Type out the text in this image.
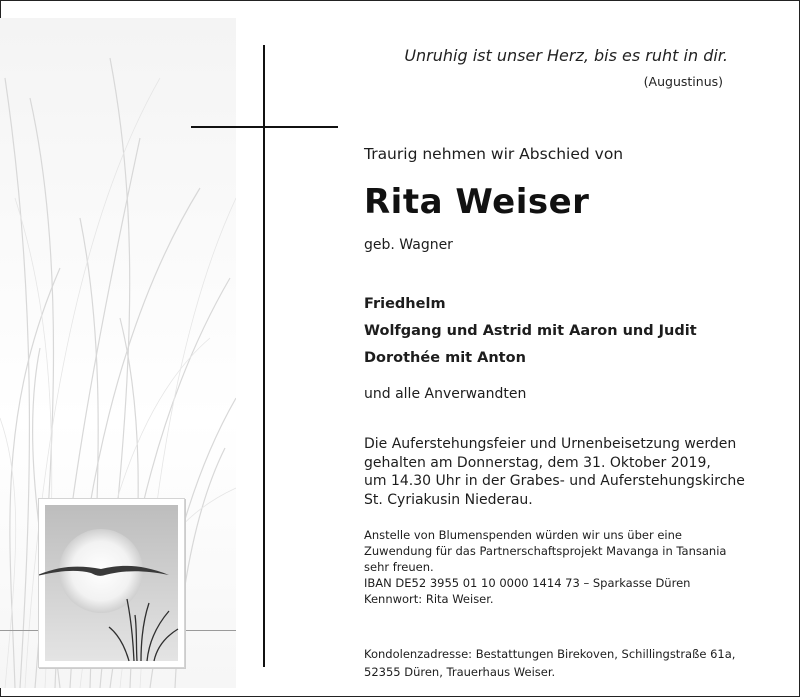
Unruhig ist unser Herz, bis es ruht in dir.
(Augustinus)
Traurig nehmen wir Abschied von
Rita Weiser
geb. Wagner
Friedhelm
Wolfgang und Astrid mit Aaron und Judit
Dorothée mit Anton
und alle Anverwandten

Die Auferstehungsfeier und Urnenbeisetzung werden

gehalten am Donnerstag, dem 31. Oktober 2019,

um 14.30 Uhr in der Grabes- und Auferstehungskirche

St. Cyriakusin Niederau.

Anstelle von Blumenspenden würden wir uns über eine

Zuwendung für das Partnerschaftsprojekt Mavanga in Tansania

sehr freuen.

IBAN DE52 3955 01 10 0000 1414 73 – Sparkasse Düren

Kennwort: Rita Weiser.

Kondolenzadresse: Bestattungen Birekoven, Schillingstraße 61a,

52355 Düren, Trauerhaus Weiser.
